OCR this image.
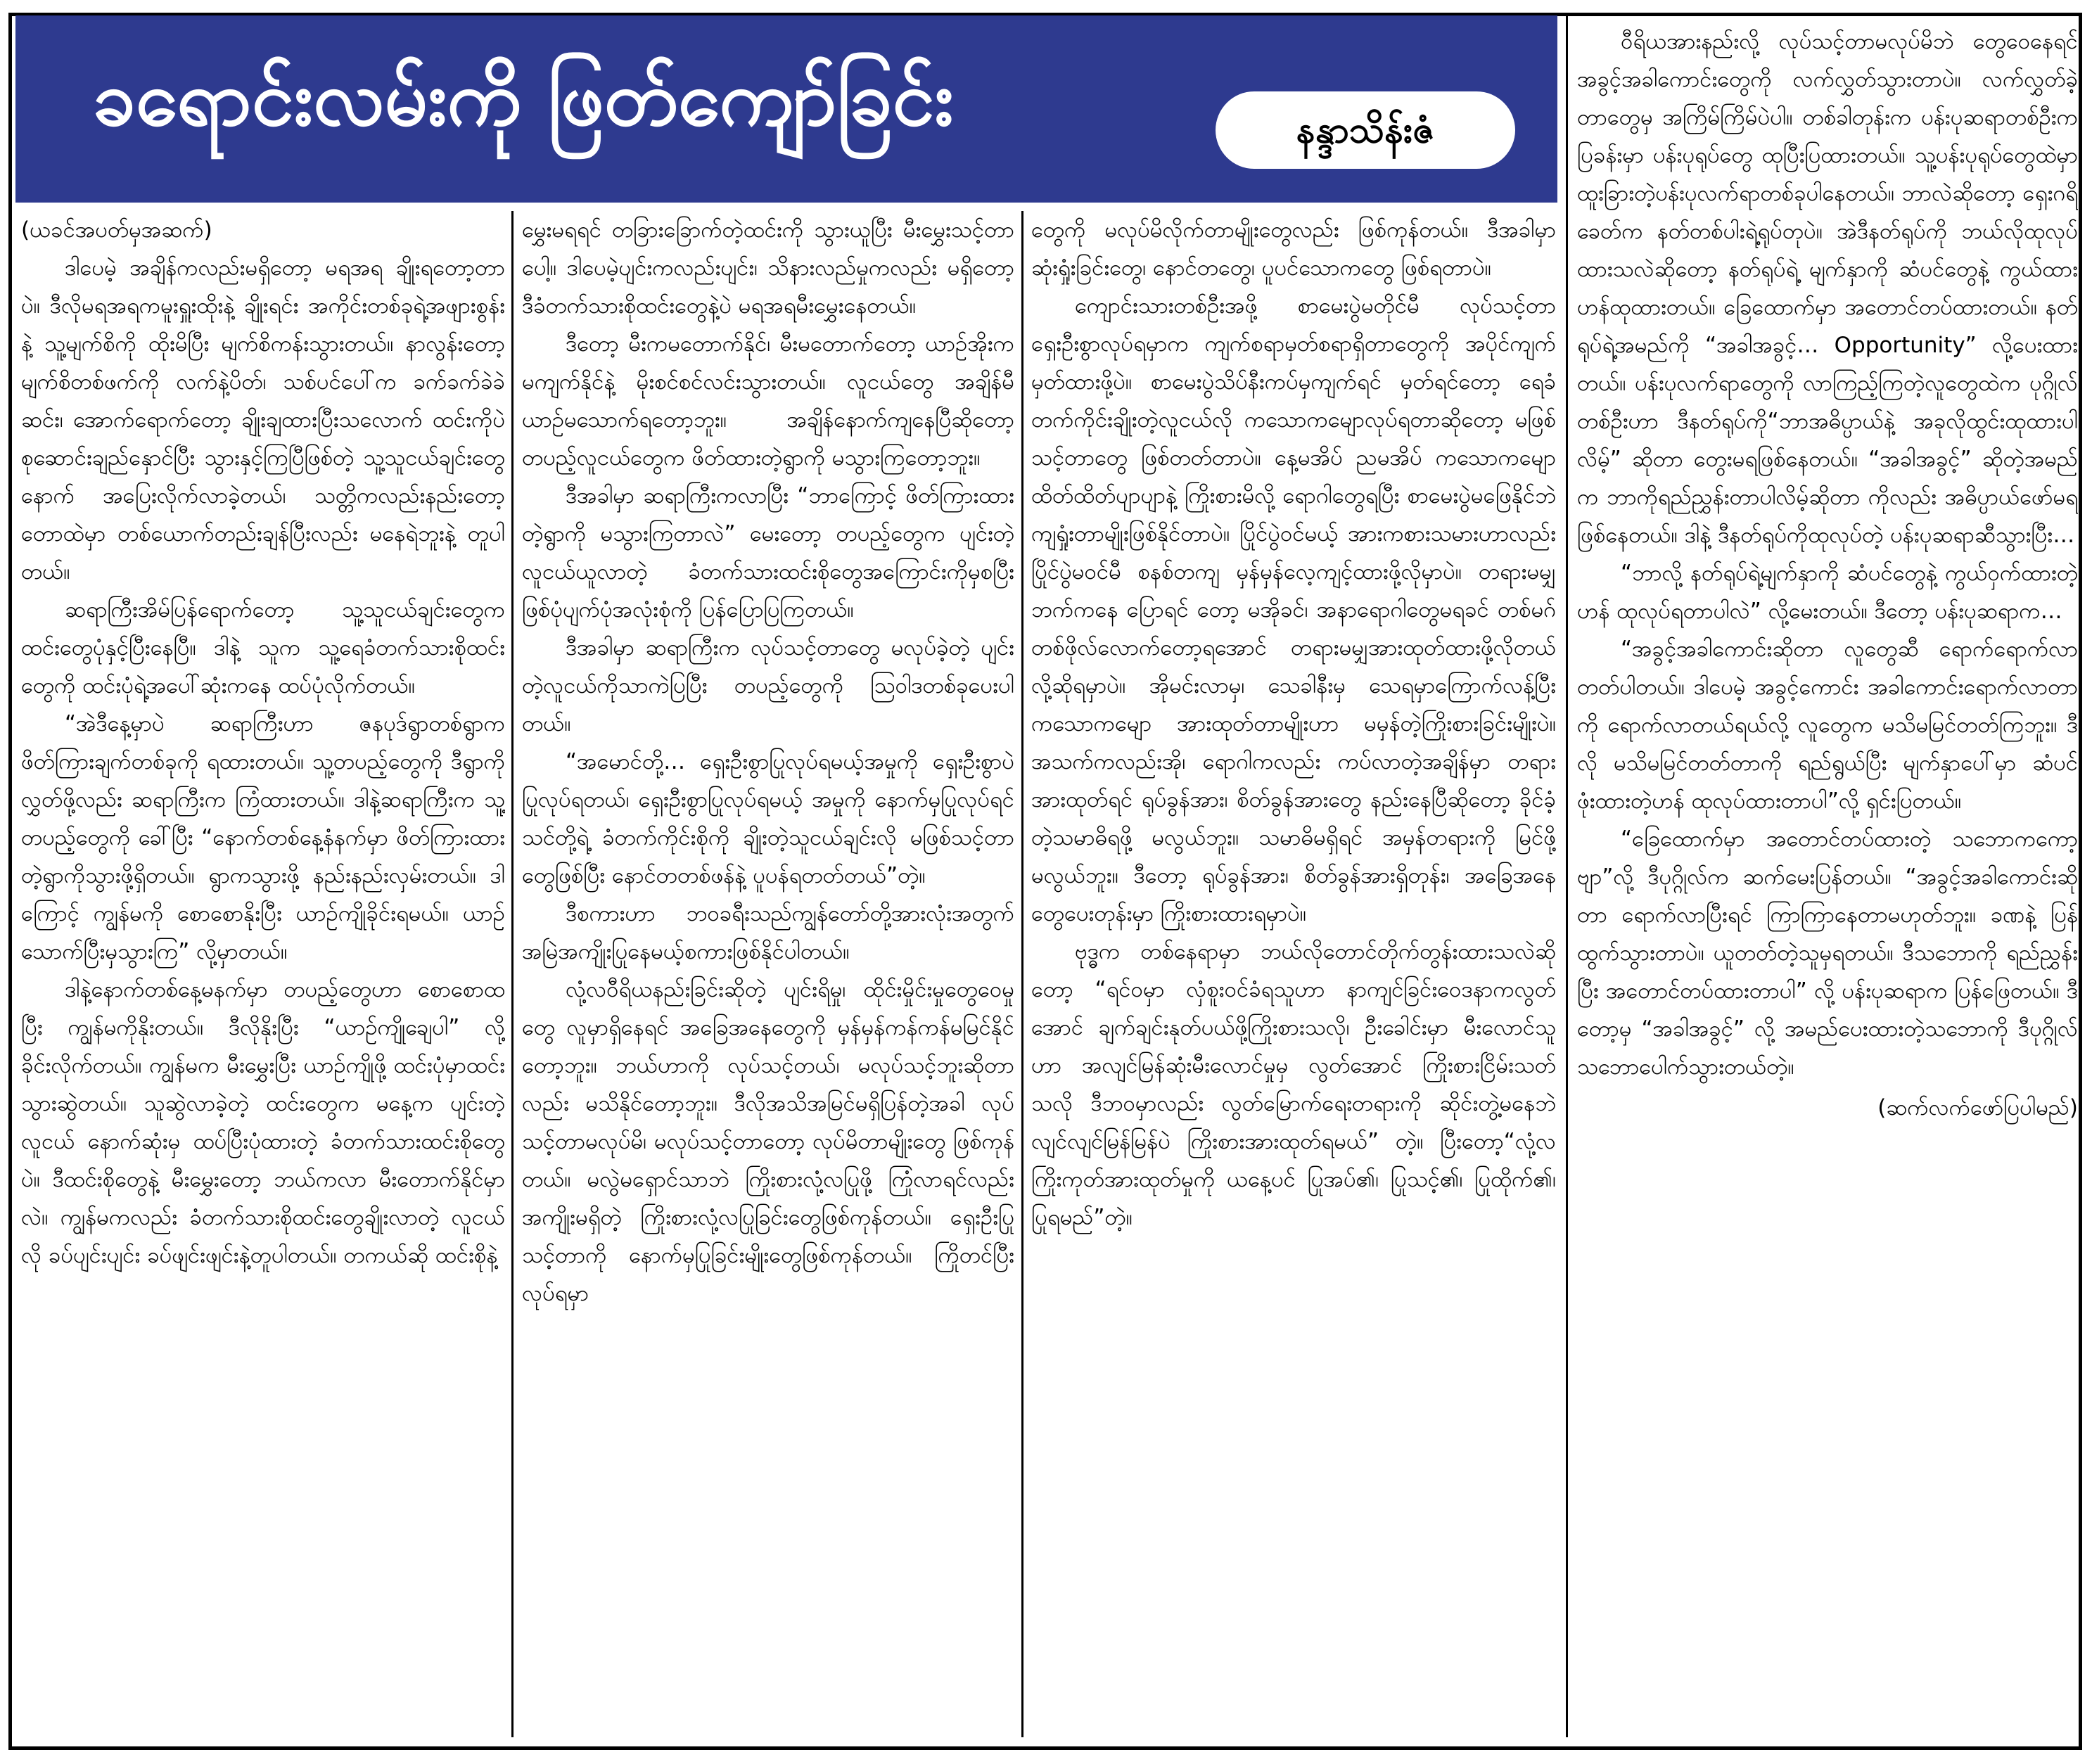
ခရောင်းလမ်းကို ဖြတ်ကျော်ခြင်း	နန္ဒာသိန်းဇံ

(ယခင်အပတ်မှအဆက်)

ဒါပေမဲ့ အချိန်ကလည်းမရှိတော့ မရအရ ချိုးရတော့တာပဲ။ ဒီလိုမရအရကမူးရှူးထိုးနဲ့ ချိုးရင်း အကိုင်းတစ်ခုရဲ့အဖျားစွန်းနဲ့ သူ့မျက်စိကို ထိုးမိပြီး မျက်စိကန်းသွားတယ်။ နာလွန်းတော့ မျက်စိတစ်ဖက်ကို လက်နဲ့ပိတ်၊ သစ်ပင်ပေါ်က ခက်ခက်ခဲခဲဆင်း၊ အောက်ရောက်တော့ ချိုးချထားပြီးသလောက် ထင်းကိုပဲ စုဆောင်းချည်နှောင်ပြီး သွားနှင့်ကြပြီဖြစ်တဲ့ သူ့သူငယ်ချင်းတွေနောက် အပြေးလိုက်လာခဲ့တယ်၊ သတ္တိကလည်းနည်းတော့ တောထဲမှာ တစ်ယောက်တည်းချန်ပြီးလည်း မနေရဲဘူးနဲ့ တူပါတယ်။

ဆရာကြီးအိမ်ပြန်ရောက်တော့ သူ့သူငယ်ချင်းတွေက ထင်းတွေပုံနှင့်ပြီးနေပြီ။ ဒါနဲ့ သူက သူ့ရေခံတက်သားစိုထင်းတွေကို ထင်းပုံရဲ့အပေါ်ဆုံးကနေ ထပ်ပုံလိုက်တယ်။

“အဲဒီနေ့မှာပဲ ဆရာကြီးဟာ ဇနပုဒ်ရွာတစ်ရွာက ဖိတ်ကြားချက်တစ်ခုကို ရထားတယ်။ သူ့တပည့်တွေကို ဒီရွာကိုလွှတ်ဖို့လည်း ဆရာကြီးက ကြံထားတယ်။ ဒါနဲ့ဆရာကြီးက သူ့တပည့်တွေကို ခေါ်ပြီး “နောက်တစ်နေ့နံနက်မှာ ဖိတ်ကြားထားတဲ့ရွာကိုသွားဖို့ရှိတယ်။ ရွာကသွားဖို့ နည်းနည်းလှမ်းတယ်။ ဒါကြောင့် ကျွန်မကို စောစောနိုးပြီး ယာဉ်ကျိုခိုင်းရမယ်။ ယာဉ်သောက်ပြီးမှသွားကြ” လို့မှာတယ်။

ဒါနဲ့နောက်တစ်နေ့မနက်မှာ တပည့်တွေဟာ စောစောထပြီး ကျွန်မကိုနိုးတယ်။ ဒီလိုနိုးပြီး “ယာဉ်ကျိုချေပါ” လို့ ခိုင်းလိုက်တယ်။ ကျွန်မက မီးမွှေးပြီး ယာဉ်ကျိုဖို့ ထင်းပုံမှာထင်းသွားဆွဲတယ်။ သူဆွဲလာခဲ့တဲ့ ထင်းတွေက မနေ့က ပျင်းတဲ့လူငယ် နောက်ဆုံးမှ ထပ်ပြီးပုံထားတဲ့ ခံတက်သားထင်းစိုတွေပဲ။ ဒီထင်းစိုတွေနဲ့ မီးမွှေးတော့ ဘယ်ကလာ မီးတောက်နိုင်မှာလဲ။ ကျွန်မကလည်း ခံတက်သားစိုထင်းတွေချိုးလာတဲ့ လူငယ်လို ခပ်ပျင်းပျင်း ခပ်ဖျင်းဖျင်းနဲ့တူပါတယ်။ တကယ်ဆို ထင်းစိုနဲ့

မွှေးမရရင် တခြားခြောက်တဲ့ထင်းကို သွားယူပြီး မီးမွှေးသင့်တာပေါ့။ ဒါပေမဲ့ပျင်းကလည်းပျင်း၊ သိနားလည်မှုကလည်း မရှိတော့ ဒီခံတက်သားစိုထင်းတွေနဲ့ပဲ မရအရမီးမွှေးနေတယ်။

ဒီတော့ မီးကမတောက်နိုင်၊ မီးမတောက်တော့ ယာဉ်အိုးက မကျက်နိုင်နဲ့ မိုးစင်စင်လင်းသွားတယ်။ လူငယ်တွေ အချိန်မီ ယာဉ်မသောက်ရတော့ဘူး။ အချိန်နောက်ကျနေပြီဆိုတော့ တပည့်လူငယ်တွေက ဖိတ်ထားတဲ့ရွာကို မသွားကြတော့ဘူး။

ဒီအခါမှာ ဆရာကြီးကလာပြီး “ဘာကြောင့် ဖိတ်ကြားထားတဲ့ရွာကို မသွားကြတာလဲ” မေးတော့ တပည့်တွေက ပျင်းတဲ့လူငယ်ယူလာတဲ့ ခံတက်သားထင်းစိုတွေအကြောင်းကိုမှစပြီး ဖြစ်ပုံပျက်ပုံအလုံးစုံကို ပြန်ပြောပြကြတယ်။

ဒီအခါမှာ ဆရာကြီးက လုပ်သင့်တာတွေ မလုပ်ခဲ့တဲ့ ပျင်းတဲ့လူငယ်ကိုသာကဲပြပြီး တပည့်တွေကို သြဝါဒတစ်ခုပေးပါတယ်။

“အမောင်တို့… ရှေးဦးစွာပြုလုပ်ရမယ့်အမှုကို ရှေးဦးစွာပဲ ပြုလုပ်ရတယ်၊ ရှေးဦးစွာပြုလုပ်ရမယ့် အမှုကို နောက်မှပြုလုပ်ရင် သင်တို့ရဲ့ ခံတက်ကိုင်းစိုကို ချိုးတဲ့သူငယ်ချင်းလို မဖြစ်သင့်တာတွေဖြစ်ပြီး နောင်တတစ်ဖန်နဲ့ ပူပန်ရတတ်တယ်”တဲ့။

ဒီစကားဟာ ဘဝခရီးသည်ကျွန်တော်တို့အားလုံးအတွက် အမြဲအကျိုးပြုနေမယ့်စကားဖြစ်နိုင်ပါတယ်။

လုံ့လဝီရိယနည်းခြင်းဆိုတဲ့ ပျင်းရိမှု၊ ထိုင်းမှိုင်းမှုတွေဝေမှုတွေ လူမှာရှိနေရင် အခြေအနေတွေကို မှန်မှန်ကန်ကန်မမြင်နိုင်တော့ဘူး။ ဘယ်ဟာကို လုပ်သင့်တယ်၊ မလုပ်သင့်ဘူးဆိုတာလည်း မသိနိုင်တော့ဘူး။ ဒီလိုအသိအမြင်မရှိပြန်တဲ့အခါ လုပ်သင့်တာမလုပ်မိ၊ မလုပ်သင့်တာတော့ လုပ်မိတာမျိုးတွေ ဖြစ်ကုန်တယ်။ မလွဲမရှောင်သာဘဲ ကြိုးစားလုံ့လပြုဖို့ ကြုံလာရင်လည်း အကျိုးမရှိတဲ့ ကြိုးစားလုံ့လပြုခြင်းတွေဖြစ်ကုန်တယ်။ ရှေးဦးပြုသင့်တာကို နောက်မှပြုခြင်းမျိုးတွေဖြစ်ကုန်တယ်။ ကြိုတင်ပြီးလုပ်ရမှာ

တွေကို မလုပ်မိလိုက်တာမျိုးတွေလည်း ဖြစ်ကုန်တယ်။ ဒီအခါမှာဆုံးရှုံးခြင်းတွေ၊ နောင်တတွေ၊ ပူပင်သောကတွေ ဖြစ်ရတာပဲ။

ကျောင်းသားတစ်ဦးအဖို့ စာမေးပွဲမတိုင်မီ လုပ်သင့်တာ ရှေးဦးစွာလုပ်ရမှာက ကျက်စရာမှတ်စရာရှိတာတွေကို အပိုင်ကျက်မှတ်ထားဖို့ပဲ။ စာမေးပွဲသိပ်နီးကပ်မှကျက်ရင် မှတ်ရင်တော့ ရေခံတက်ကိုင်းချိုးတဲ့လူငယ်လို ကသောကမျောလုပ်ရတာဆိုတော့ မဖြစ်သင့်တာတွေ ဖြစ်တတ်တာပဲ။ နေ့မအိပ် ညမအိပ် ကသောကမျော ထိတ်ထိတ်ပျာပျာနဲ့ ကြိုးစားမိလို့ ရောဂါတွေရပြီး စာမေးပွဲမဖြေနိုင်ဘဲ ကျရှုံးတာမျိုးဖြစ်နိုင်တာပဲ။ ပြိုင်ပွဲဝင်မယ့် အားကစားသမားဟာလည်း ပြိုင်ပွဲမဝင်မီ စနစ်တကျ မှန်မှန်လေ့ကျင့်ထားဖို့လိုမှာပဲ။ တရားမမျှဘက်ကနေ ပြောရင် တော့ မအိုခင်၊ အနာရောဂါတွေမရခင် တစ်မဂ်တစ်ဖိုလ်လောက်တော့ရအောင် တရားမမျှအားထုတ်ထားဖို့လိုတယ်လို့ဆိုရမှာပဲ။ အိုမင်းလာမှ၊ သေခါနီးမှ သေရမှာကြောက်လန့်ပြီး ကသောကမျော အားထုတ်တာမျိုးဟာ မမှန်တဲ့ကြိုးစားခြင်းမျိုးပဲ။ အသက်ကလည်းအို၊ ရောဂါကလည်း ကပ်လာတဲ့အချိန်မှာ တရားအားထုတ်ရင် ရုပ်ခွန်အား၊ စိတ်ခွန်အားတွေ နည်းနေပြီဆိုတော့ ခိုင်ခံ့တဲ့သမာဓိရဖို့ မလွယ်ဘူး။ သမာဓိမရှိရင် အမှန်တရားကို မြင်ဖို့ မလွယ်ဘူး။ ဒီတော့ ရုပ်ခွန်အား၊ စိတ်ခွန်အားရှိတုန်း၊ အခြေအနေတွေပေးတုန်းမှာ ကြိုးစားထားရမှာပဲ။

ဗုဒ္ဓက တစ်နေရာမှာ ဘယ်လိုတောင်တိုက်တွန်းထားသလဲဆိုတော့ “ရင်ဝမှာ လှံစူးဝင်ခံရသူဟာ နာကျင်ခြင်းဝေဒနာကလွတ်အောင် ချက်ချင်းနုတ်ပယ်ဖို့ကြိုးစားသလို၊ ဦးခေါင်းမှာ မီးလောင်သူဟာ အလျင်မြန်ဆုံးမီးလောင်မှုမှ လွတ်အောင် ကြိုးစားငြိမ်းသတ်သလို ဒီဘဝမှာလည်း လွတ်မြောက်ရေးတရားကို ဆိုင်းတွဲ့မနေဘဲ လျင်လျင်မြန်မြန်ပဲ ကြိုးစားအားထုတ်ရမယ်” တဲ့။ ပြီးတော့“လုံ့လကြိုးကုတ်အားထုတ်မှုကို ယနေ့ပင် ပြုအပ်၏၊ ပြုသင့်၏၊ ပြုထိုက်၏၊ ပြုရမည်”တဲ့။

ဝီရိယအားနည်းလို့ လုပ်သင့်တာမလုပ်မိဘဲ တွေဝေနေရင် အခွင့်အခါကောင်းတွေကို လက်လွှတ်သွားတာပဲ။ လက်လွှတ်ခဲ့တာတွေမှ အကြိမ်ကြိမ်ပဲပါ။ တစ်ခါတုန်းက ပန်းပုဆရာတစ်ဦးက ပြခန်းမှာ ပန်းပုရုပ်တွေ ထုပြီးပြထားတယ်။ သူ့ပန်းပုရုပ်တွေထဲမှာ ထူးခြားတဲ့ပန်းပုလက်ရာတစ်ခုပါနေတယ်။ ဘာလဲဆိုတော့ ရှေးဂရိခေတ်က နတ်တစ်ပါးရဲ့ရုပ်တုပဲ။ အဲဒီနတ်ရုပ်ကို ဘယ်လိုထုလုပ်ထားသလဲဆိုတော့ နတ်ရုပ်ရဲ့ မျက်နှာကို ဆံပင်တွေနဲ့ ကွယ်ထားဟန်ထုထားတယ်။ ခြေထောက်မှာ အတောင်တပ်ထားတယ်။ နတ်ရုပ်ရဲ့အမည်ကို “အခါအခွင့်… Opportunity” လို့ပေးထားတယ်။ ပန်းပုလက်ရာတွေကို လာကြည့်ကြတဲ့လူတွေထဲက ပုဂ္ဂိုလ်တစ်ဦးဟာ ဒီနတ်ရုပ်ကို“ဘာအဓိပ္ပာယ်နဲ့ အခုလိုထွင်းထုထားပါလိမ့်” ဆိုတာ တွေးမရဖြစ်နေတယ်။ “အခါအခွင့်” ဆိုတဲ့အမည်က ဘာကိုရည်ညွှန်းတာပါလိမ့်ဆိုတာ ကိုလည်း အဓိပ္ပာယ်ဖော်မရဖြစ်နေတယ်။ ဒါနဲ့ ဒီနတ်ရုပ်ကိုထုလုပ်တဲ့ ပန်းပုဆရာဆီသွားပြီး…

“ဘာလို့ နတ်ရုပ်ရဲ့မျက်နှာကို ဆံပင်တွေနဲ့ ကွယ်ဝှက်ထားတဲ့ဟန် ထုလုပ်ရတာပါလဲ” လို့မေးတယ်။ ဒီတော့ ပန်းပုဆရာက…

“အခွင့်အခါကောင်းဆိုတာ လူတွေဆီ ရောက်ရောက်လာတတ်ပါတယ်။ ဒါပေမဲ့ အခွင့်ကောင်း အခါကောင်းရောက်လာတာကို ရောက်လာတယ်ရယ်လို့ လူတွေက မသိမမြင်တတ်ကြဘူး။ ဒီလို မသိမမြင်တတ်တာကို ရည်ရွယ်ပြီး မျက်နှာပေါ်မှာ ဆံပင်ဖုံးထားတဲ့ဟန် ထုလုပ်ထားတာပါ”လို့ ရှင်းပြတယ်။

“ခြေထောက်မှာ အတောင်တပ်ထားတဲ့ သဘောကကော့ဗျာ”လို့ ဒီပုဂ္ဂိုလ်က ဆက်မေးပြန်တယ်။ “အခွင့်အခါကောင်းဆိုတာ ရောက်လာပြီးရင် ကြာကြာနေတာမဟုတ်ဘူး။ ခဏနဲ့ ပြန်ထွက်သွားတာပဲ။ ယူတတ်တဲ့သူမှရတယ်။ ဒီသဘောကို ရည်ညွှန်းပြီး အတောင်တပ်ထားတာပါ” လို့ ပန်းပုဆရာက ပြန်ဖြေတယ်။ ဒီတော့မှ “အခါအခွင့်” လို့ အမည်ပေးထားတဲ့သဘောကို ဒီပုဂ္ဂိုလ်သဘောပေါက်သွားတယ်တဲ့။

(ဆက်လက်ဖော်ပြပါမည်)
